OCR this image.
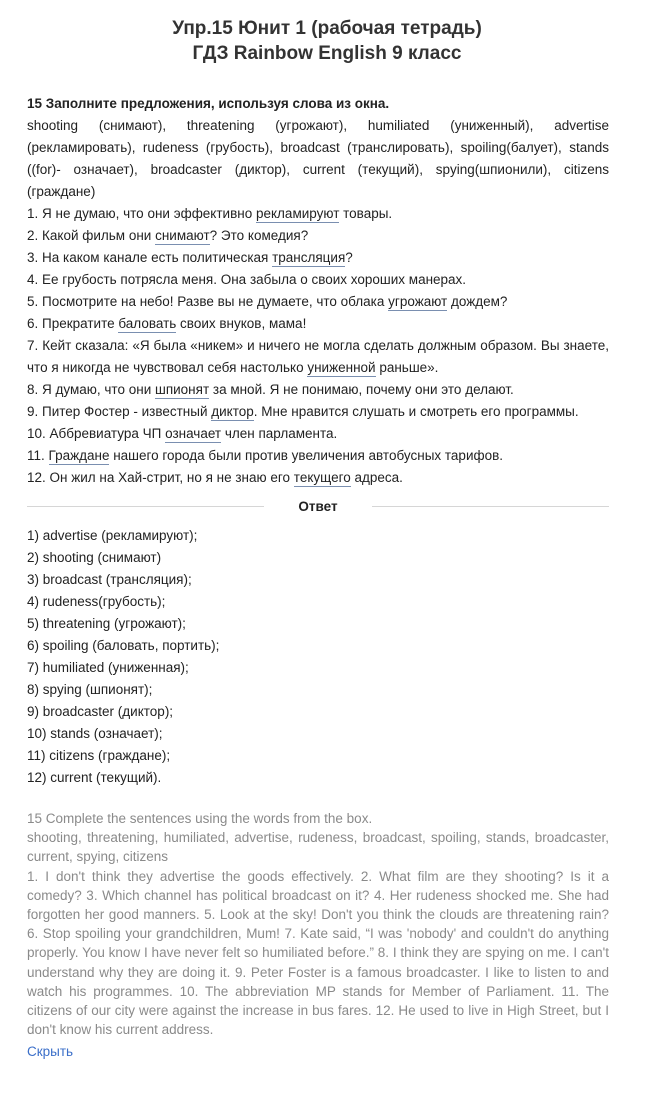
Упр.15 Юнит 1 (рабочая тетрадь)
ГДЗ Rainbow English 9 класс
15 Заполните предложения, используя слова из окна.
shooting (снимают), threatening (угрожают), humiliated (униженный), advertise (рекламировать), rudeness (грубость), broadcast (транслировать), spoiling(балует), stands ((for)- означает), broadcaster (диктор), current (текущий), spying(шпионили), citizens (граждане)
1. Я не думаю, что они эффективно рекламируют товары.
2. Какой фильм они снимают? Это комедия?
3. На каком канале есть политическая трансляция?
4. Ее грубость потрясла меня. Она забыла о своих хороших манерах.
5. Посмотрите на небо! Разве вы не думаете, что облака угрожают дождем?
6. Прекратите баловать своих внуков, мама!
7. Кейт сказала: «Я была «никем» и ничего не могла сделать должным образом. Вы знаете, что я никогда не чувствовал себя настолько униженной раньше».
8. Я думаю, что они шпионят за мной. Я не понимаю, почему они это делают.
9. Питер Фостер - известный диктор. Мне нравится слушать и смотреть его программы.
10. Аббревиатура ЧП означает член парламента.
11. Граждане нашего города были против увеличения автобусных тарифов.
12. Он жил на Хай-стрит, но я не знаю его текущего адреса.
Ответ
1) advertise (рекламируют);
2) shooting (снимают)
3) broadcast (трансляция);
4) rudeness(грубость);
5) threatening (угрожают);
6) spoiling (баловать, портить);
7) humiliated (униженная);
8) spying (шпионят);
9) broadcaster (диктор);
10) stands (означает);
11) citizens (граждане);
12) current (текущий).
15 Complete the sentences using the words from the box.
shooting, threatening, humiliated, advertise, rudeness, broadcast, spoiling, stands, broadcaster, current, spying, citizens
1. I don't think they advertise the goods effectively. 2. What film are they shooting? Is it a comedy? 3. Which channel has political broadcast on it? 4. Her rudeness shocked me. She had forgotten her good manners. 5. Look at the sky! Don't you think the clouds are threatening rain? 6. Stop spoiling your grandchildren, Mum! 7. Kate said, “I was 'nobody' and couldn't do anything properly. You know I have never felt so humiliated before.” 8. I think they are spying on me. I can't understand why they are doing it. 9. Peter Foster is a famous broadcaster. I like to listen to and watch his programmes. 10. The abbreviation MP stands for Member of Parliament. 11. The citizens of our city were against the increase in bus fares. 12. He used to live in High Street, but I don't know his current address.
Скрыть
